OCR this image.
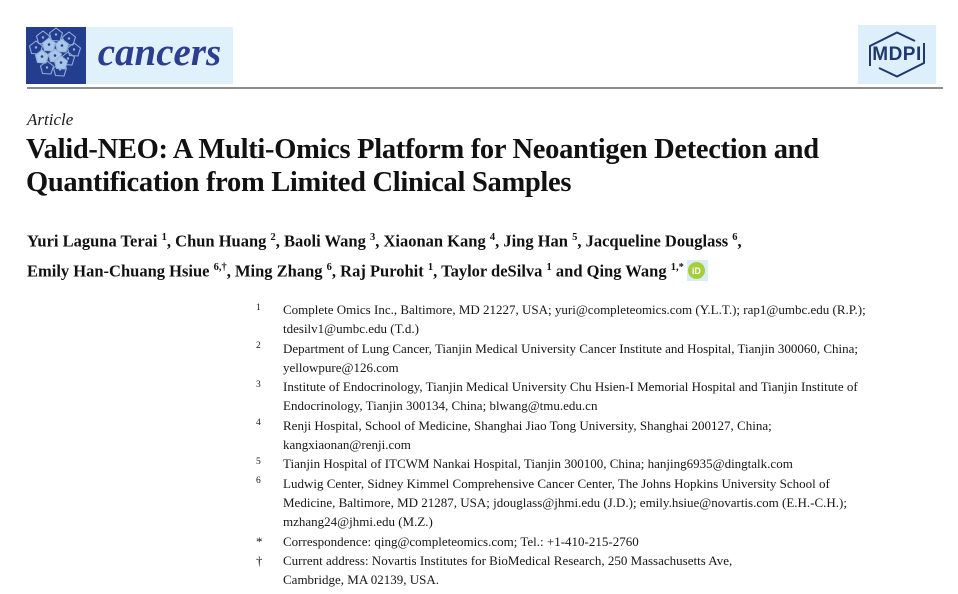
cancers	MDPI
Article
Valid-NEO: A Multi-Omics Platform for Neoantigen Detection and Quantification from Limited Clinical Samples
Yuri Laguna Terai $^1$, Chun Huang $^2$, Baoli Wang $^3$, Xiaonan Kang $^4$, Jing Han $^5$, Jacqueline Douglass $^6$,
Emily Han-Chuang Hsiue $^{6,\dagger}$, Ming Zhang $^6$, Raj Purohit $^1$, Taylor deSilva $^1$ and Qing Wang $^{1,*}$ iD
1	Complete Omics Inc., Baltimore, MD 21227, USA; yuri@completeomics.com (Y.L.T.); rap1@umbc.edu (R.P.);
tdesilv1@umbc.edu (T.d.)
2	Department of Lung Cancer, Tianjin Medical University Cancer Institute and Hospital, Tianjin 300060, China;
yellowpure@126.com
3	Institute of Endocrinology, Tianjin Medical University Chu Hsien-I Memorial Hospital and Tianjin Institute of
Endocrinology, Tianjin 300134, China; blwang@tmu.edu.cn
4	Renji Hospital, School of Medicine, Shanghai Jiao Tong University, Shanghai 200127, China;
kangxiaonan@renji.com
5	Tianjin Hospital of ITCWM Nankai Hospital, Tianjin 300100, China; hanjing6935@dingtalk.com
6	Ludwig Center, Sidney Kimmel Comprehensive Cancer Center, The Johns Hopkins University School of
Medicine, Baltimore, MD 21287, USA; jdouglass@jhmi.edu (J.D.); emily.hsiue@novartis.com (E.H.-C.H.);
mzhang24@jhmi.edu (M.Z.)
*	Correspondence: qing@completeomics.com; Tel.: +1-410-215-2760
†	Current address: Novartis Institutes for BioMedical Research, 250 Massachusetts Ave,
Cambridge, MA 02139, USA.
